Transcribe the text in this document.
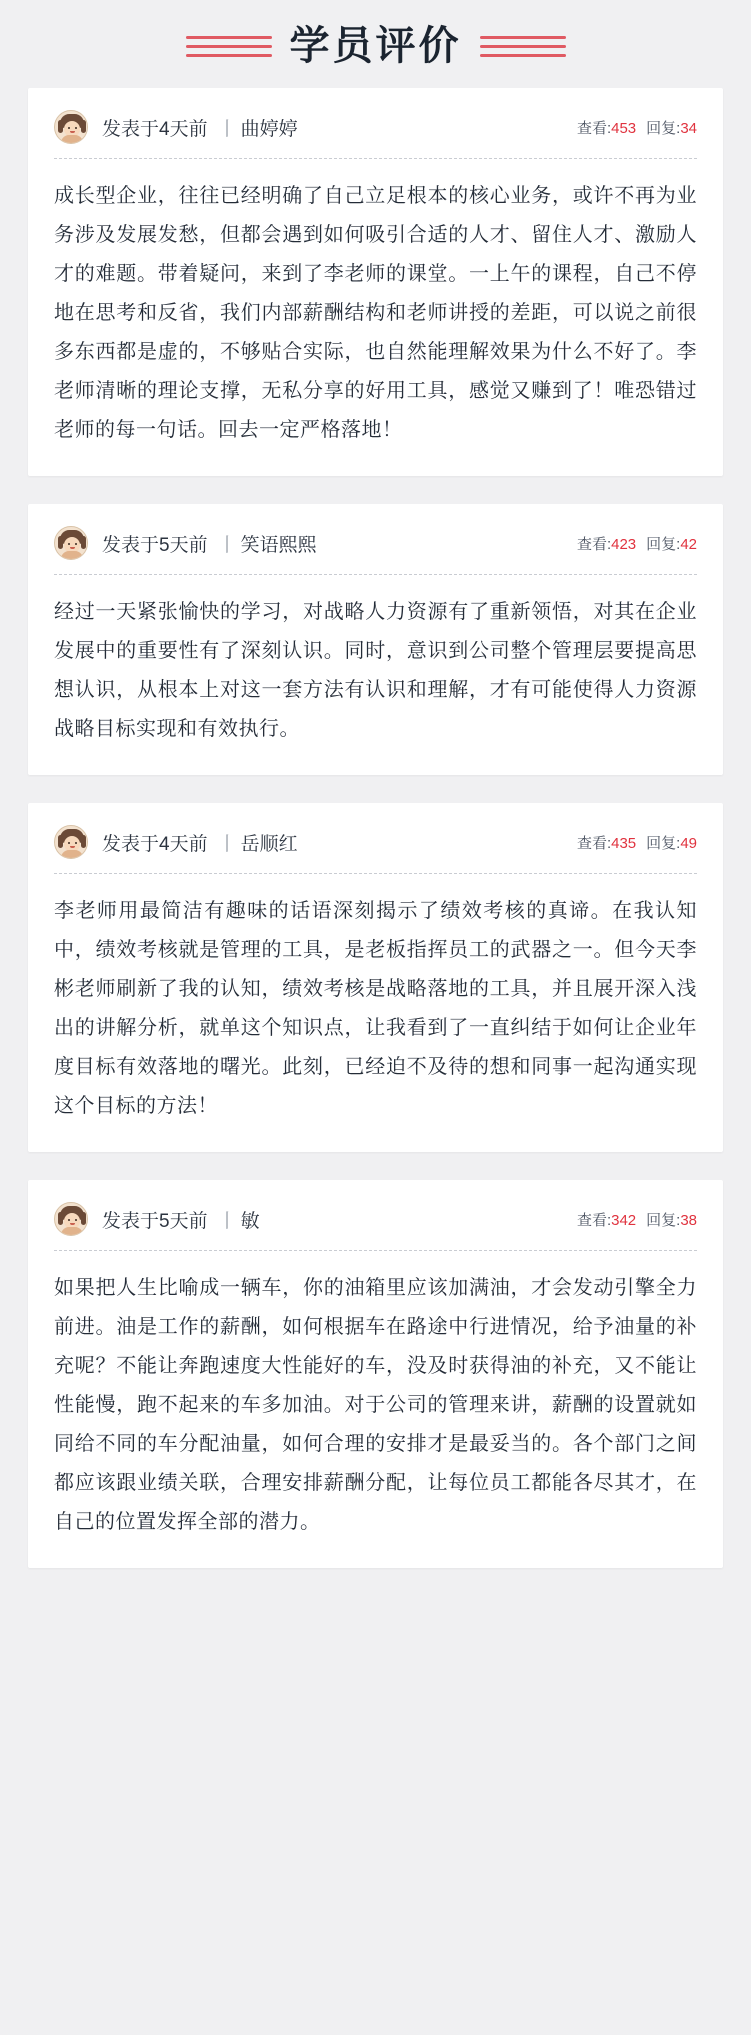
学员评价
发表于4天前 丨 曲婷婷	查看:453 回复:34
成长型企业，往往已经明确了自己立足根本的核心业务，或许不再为业务涉及发展发愁，但都会遇到如何吸引合适的人才、留住人才、激励人才的难题。带着疑问，来到了李老师的课堂。一上午的课程，自己不停地在思考和反省，我们内部薪酬结构和老师讲授的差距，可以说之前很多东西都是虚的，不够贴合实际，也自然能理解效果为什么不好了。李老师清晰的理论支撑，无私分享的好用工具，感觉又赚到了！唯恐错过老师的每一句话。回去一定严格落地！
发表于5天前 丨 笑语熙熙	查看:423 回复:42
经过一天紧张愉快的学习，对战略人力资源有了重新领悟，对其在企业发展中的重要性有了深刻认识。同时，意识到公司整个管理层要提高思想认识，从根本上对这一套方法有认识和理解，才有可能使得人力资源战略目标实现和有效执行。
发表于4天前 丨 岳顺红	查看:435 回复:49
李老师用最简洁有趣味的话语深刻揭示了绩效考核的真谛。在我认知中，绩效考核就是管理的工具，是老板指挥员工的武器之一。但今天李彬老师刷新了我的认知，绩效考核是战略落地的工具，并且展开深入浅出的讲解分析，就单这个知识点，让我看到了一直纠结于如何让企业年度目标有效落地的曙光。此刻，已经迫不及待的想和同事一起沟通实现这个目标的方法！
发表于5天前 丨 敏	查看:342 回复:38
如果把人生比喻成一辆车，你的油箱里应该加满油，才会发动引擎全力前进。油是工作的薪酬，如何根据车在路途中行进情况，给予油量的补充呢？不能让奔跑速度大性能好的车，没及时获得油的补充，又不能让性能慢，跑不起来的车多加油。对于公司的管理来讲，薪酬的设置就如同给不同的车分配油量，如何合理的安排才是最妥当的。各个部门之间都应该跟业绩关联，合理安排薪酬分配，让每位员工都能各尽其才，在自己的位置发挥全部的潜力。
